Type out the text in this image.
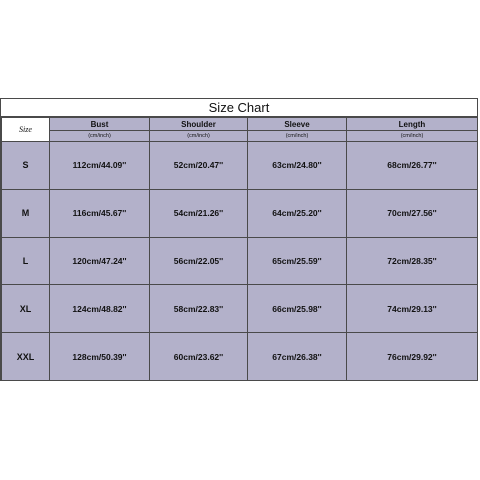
Size Chart
Size	Bust	Shoulder	Sleeve	Length
	(cm/inch)	(cm/inch)	(cm/inch)	(cm/inch)
S	112cm/44.09''	52cm/20.47''	63cm/24.80''	68cm/26.77''
M	116cm/45.67''	54cm/21.26''	64cm/25.20''	70cm/27.56''
L	120cm/47.24''	56cm/22.05''	65cm/25.59''	72cm/28.35''
XL	124cm/48.82''	58cm/22.83''	66cm/25.98''	74cm/29.13''
XXL	128cm/50.39''	60cm/23.62''	67cm/26.38''	76cm/29.92''
